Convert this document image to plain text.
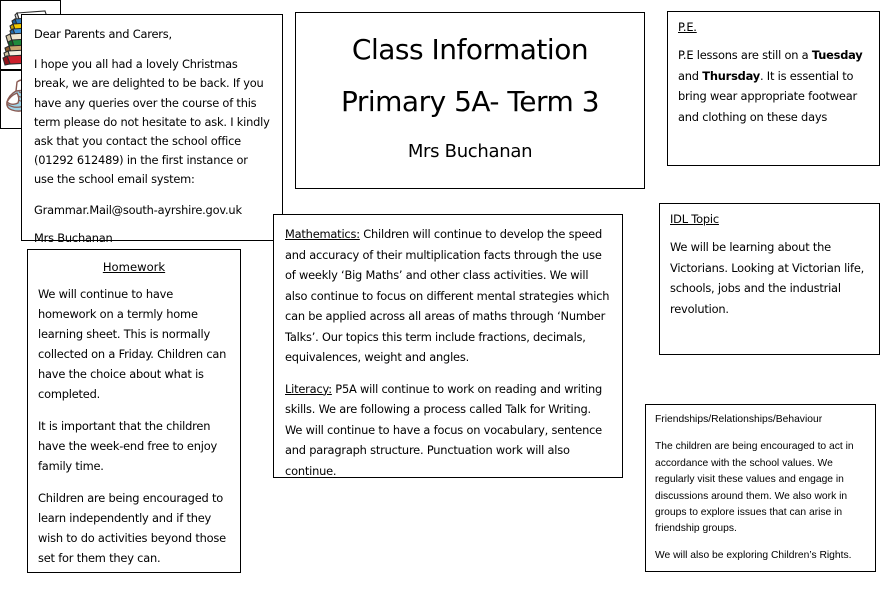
Dear Parents and Carers,

I hope you all had a lovely Christmas break, we are delighted to be back. If you have any queries over the course of this term please do not hesitate to ask. I kindly ask that you contact the school office (01292 612489) in the first instance or use the school email system:

Grammar.Mail@south-ayrshire.gov.uk

Mrs Buchanan

Homework

We will continue to have homework on a termly home learning sheet. This is normally collected on a Friday. Children can have the choice about what is completed.

It is important that the children have the week-end free to enjoy family time.

Children are being encouraged to learn independently and if they wish to do activities beyond those set for them they can.

Class Information
Primary 5A- Term 3
Mrs Buchanan

Mathematics: Children will continue to develop the speed and accuracy of their multiplication facts through the use of weekly ‘Big Maths’ and other class activities. We will also continue to focus on different mental strategies which can be applied across all areas of maths through ‘Number Talks’. Our topics this term include fractions, decimals, equivalences, weight and angles.

Literacy: P5A will continue to work on reading and writing skills. We are following a process called Talk for Writing. We will continue to have a focus on vocabulary, sentence and paragraph structure. Punctuation work will also continue.

P.E.

P.E lessons are still on a Tuesday and Thursday. It is essential to bring wear appropriate footwear and clothing on these days

IDL Topic

We will be learning about the Victorians. Looking at Victorian life, schools, jobs and the industrial revolution.

Friendships/Relationships/Behaviour

The children are being encouraged to act in accordance with the school values. We regularly visit these values and engage in discussions around them. We also work in groups to explore issues that can arise in friendship groups.

We will also be exploring Children’s Rights.
